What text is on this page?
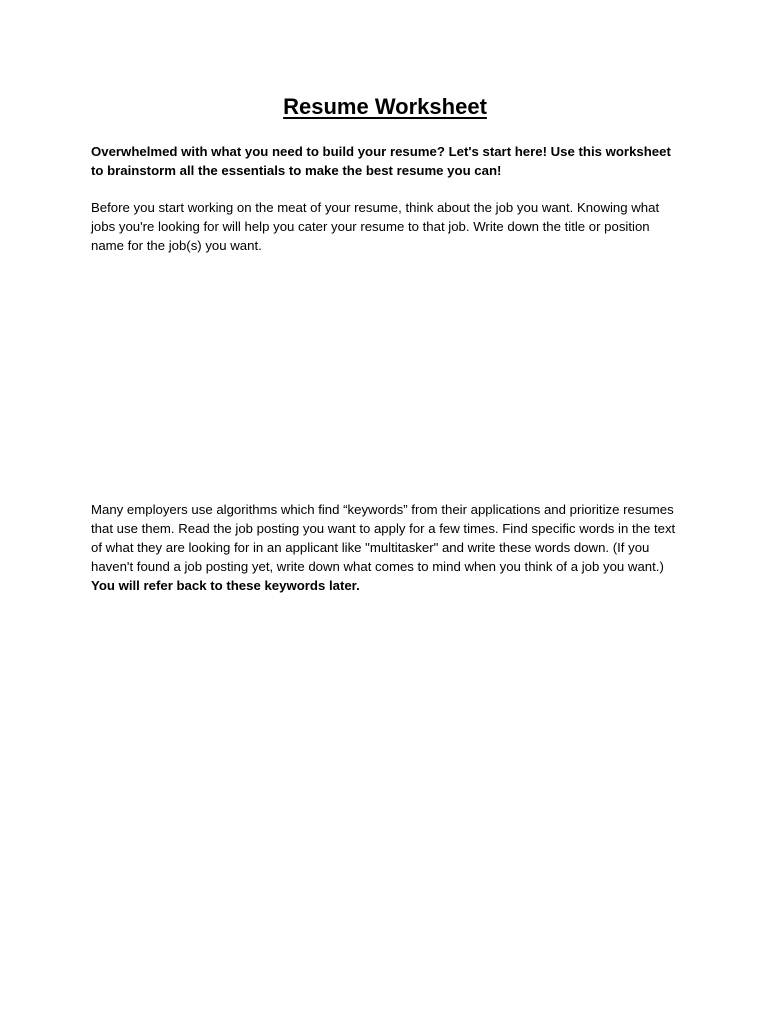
Resume Worksheet

Overwhelmed with what you need to build your resume? Let's start here! Use this worksheet to brainstorm all the essentials to make the best resume you can!

Before you start working on the meat of your resume, think about the job you want. Knowing what jobs you're looking for will help you cater your resume to that job. Write down the title or position name for the job(s) you want.

Many employers use algorithms which find “keywords” from their applications and prioritize resumes that use them. Read the job posting you want to apply for a few times. Find specific words in the text of what they are looking for in an applicant like "multitasker" and write these words down. (If you haven't found a job posting yet, write down what comes to mind when you think of a job you want.) You will refer back to these keywords later.
